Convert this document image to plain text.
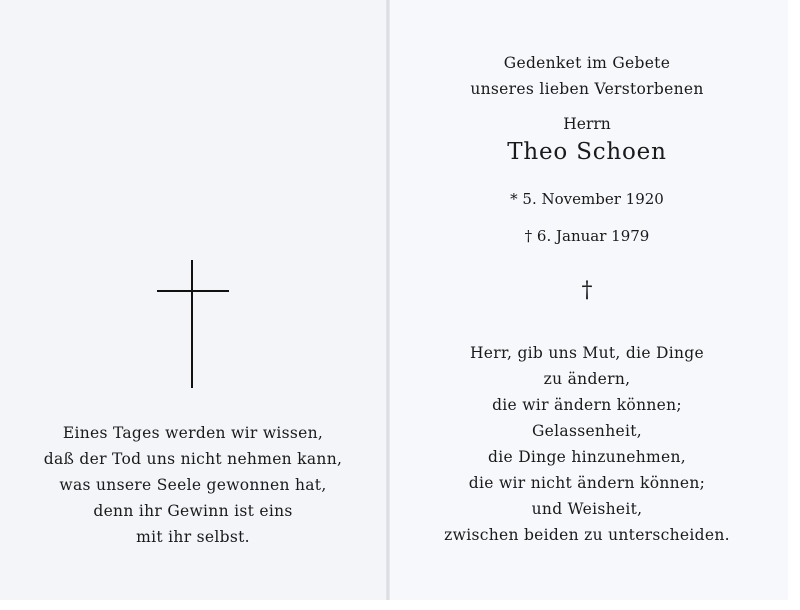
Eines Tages werden wir wissen,
daß der Tod uns nicht nehmen kann,
was unsere Seele gewonnen hat,
denn ihr Gewinn ist eins
mit ihr selbst.
Gedenket im Gebete
unseres lieben Verstorbenen
Herrn
Theo Schoen
* 5. November 1920
† 6. Januar 1979
†
Herr, gib uns Mut, die Dinge
zu ändern,
die wir ändern können;
Gelassenheit,
die Dinge hinzunehmen,
die wir nicht ändern können;
und Weisheit,
zwischen beiden zu unterscheiden.
